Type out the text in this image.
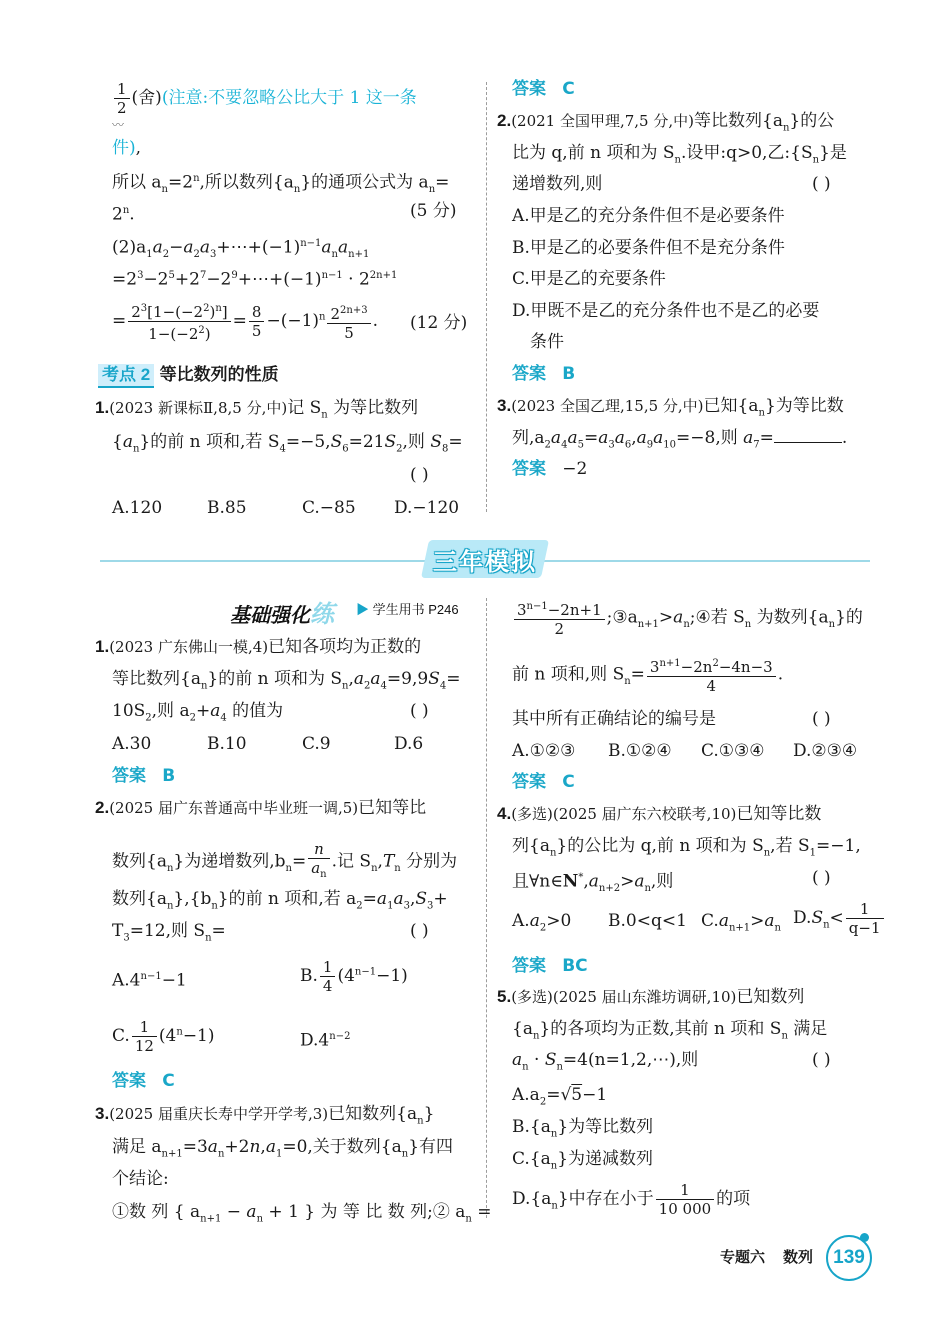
三年模拟
$\frac{1}{2}$ (舍)(注意:不要忽略公比大于 1 这一条
〰
件),
所以 $a_n=2^n$,所以数列$\{a_n\}$的通项公式为 $a_n=$
$2^n$.	(5 分)
$(2)a_1a_2-a_2a_3+\cdots+(-1)^{n-1}a_na_{n+1}$
$=2^3-2^5+2^7-2^9+\cdots+(-1)^{n-1} \cdot 2^{2n+1}$
= $\frac{2^3[1-(-2^2)^n]}{1-(-2^2)} = \frac{8}{5} -(-1)^n \frac{2^{2n+3}}{5}$ . (12 分)
考点 2 等比数列的性质
1.(2023 新课标Ⅱ,8,5 分,中)记 $S_n$ 为等比数列
$\{a_n\}$的前 n 项和,若 $S_4=-5,S_6=21S_2$,则 $S_8=$
( )
A.120	B.85	C.−85 D.−120
答案 C
2.(2021 全国甲理,7,5 分,中)等比数列$\{a_n\}$的公
比为 q,前 n 项和为 $S_n$.设甲:q>0,乙$:\{S_n\}$是
递增数列,则	( )
A.甲是乙的充分条件但不是必要条件
B.甲是乙的必要条件但不是充分条件
C.甲是乙的充要条件
D.甲既不是乙的充分条件也不是乙的必要
条件
答案 B
3.(2023 全国乙理,15,5 分,中)已知$\{a_n\}$为等比数
列$,a_2a_4a_5=a_3a_6,a_9a_{10}=-8$,则 $a_7=$	.
答案 −2
基础强化练 ▶ 学生用书 P246
1.(2023 广东佛山一模,4)已知各项均为正数的
等比数列$\{a_n\}$的前 n 项和为 $S_n,a_2a_4=9,9S_4=$
$10S_2$,则 $a_2+a_4$ 的值为	( )
A.30	B.10	C.9	D.6
答案 B
2.(2025 届广东普通高中毕业班一调,5)已知等比
数列$\{a_n\}$为递增数列$,b_n= \frac{n}{a_n}$ .记 $S_n,T_n$ 分别为
数列$\{a_n\},\{b_n\}$的前 n 项和,若 $a_2=a_1a_3,S_3+$
$T_3=12$,则 $S_n=$	( )
$A.4^{n-1}-1$	B. $\frac{1}{4} (4^{n-1}-1)$
C. $\frac{1}{12} (4^n-1)$	$D.4^{n-2}$
答案 C
3.(2025 届重庆长寿中学开学考,3)已知数列$\{a_n\}$
满足 $a_{n+1}=3a_n+2n,a_1=0$,关于数列$\{a_n\}$有四
个结论:
①数 列 { $a_{n+1} - a_n + 1$ } 为 等 比 数 列;② $a_n$ =
$\frac{3^{n-1}-2n+1}{2}$ $;③a_{n+1}>a_n;④$若 $S_n$ 为数列$\{a_n\}$的
前 n 项和,则 $S_n= \frac{3^{n+1}-2n^2-4n-3}{4}$ .
其中所有正确结论的编号是	( )
A.①②③ B.①②④ C.①③④ D.②③④
答案 C
4.(多选)(2025 届广东六校联考,10)已知等比数
列$\{a_n\}$的公比为 q,前 n 项和为 $S_n$,若 $S_1=-1$,
且$\forall n\in N^*,a_{n+2}>a_n$,则	( )
$A.a_2>0$ B.0<q<1 $C.a_{n+1}>a_n$ $D.S_n< \frac{1}{q-1}$
答案 BC
5.(多选)(2025 届山东潍坊调研,10)已知数列
$\{a_n\}$的各项均为正数,其前 n 项和 $S_n$ 满足
$a_n$ · $S_n=4(n=1,2,\cdots)$,则	( )
$A.a_2=√5-1$
$B.\{a_n\}$为等比数列
$C.\{a_n\}$为递减数列
$D.\{a_n\}$中存在小于 $\frac{1}{10 000}$ 的项
专题六 数列	139
